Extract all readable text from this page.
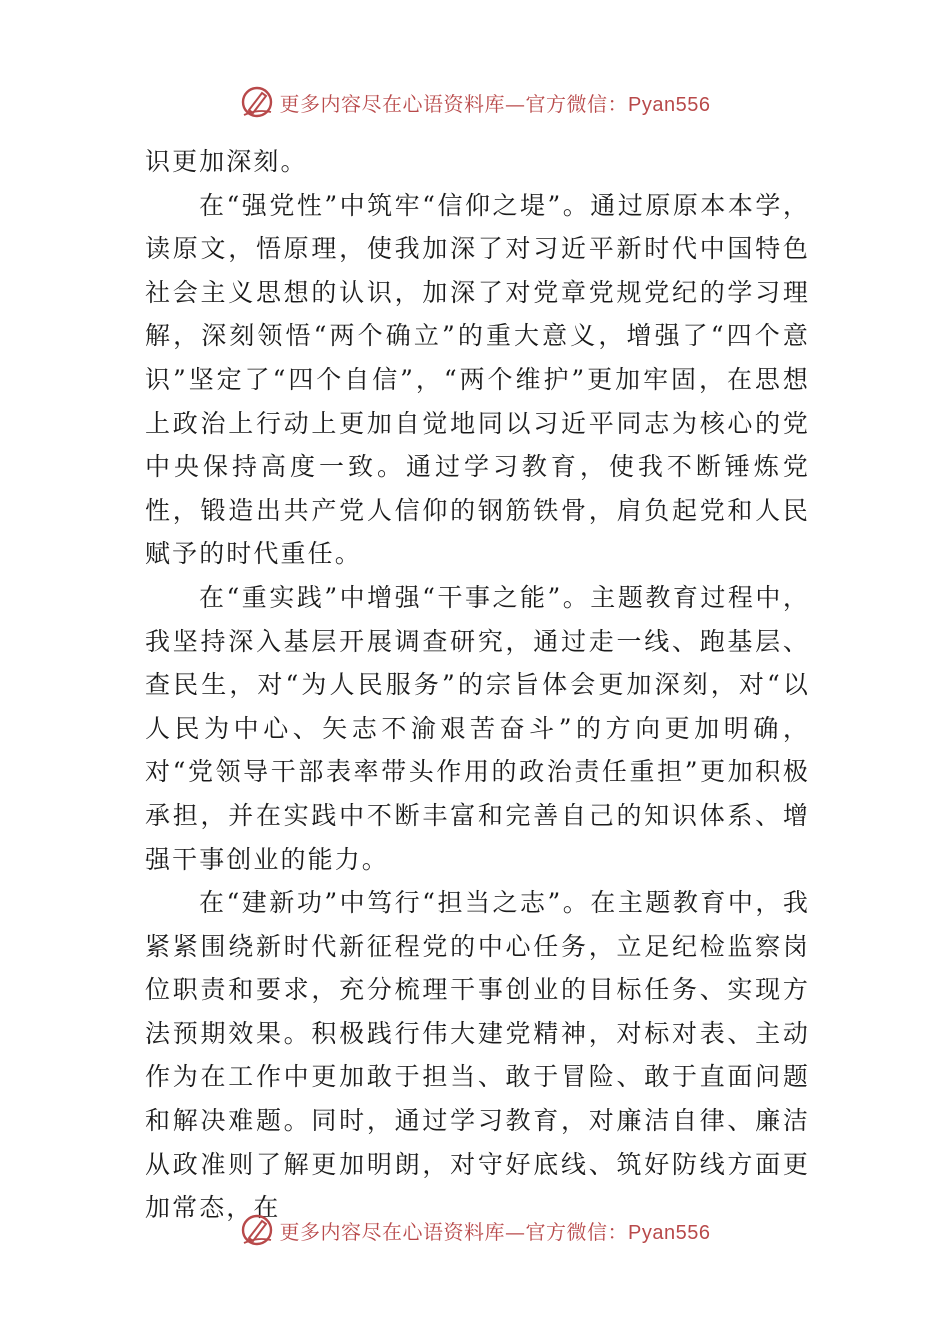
更多内容尽在心语资料库—官方微信：Pyan556

识更加深刻。

在“强党性”中筑牢“信仰之堤”。通过原原本本学，读原文，悟原理，使我加深了对习近平新时代中国特色社会主义思想的认识，加深了对党章党规党纪的学习理解，深刻领悟“两个确立”的重大意义，增强了“四个意识”坚定了“四个自信”，“两个维护”更加牢固，在思想上政治上行动上更加自觉地同以习近平同志为核心的党中央保持高度一致。通过学习教育，使我不断锤炼党性，锻造出共产党人信仰的钢筋铁骨，肩负起党和人民赋予的时代重任。

在“重实践”中增强“干事之能”。主题教育过程中，我坚持深入基层开展调查研究，通过走一线、跑基层、查民生，对“为人民服务”的宗旨体会更加深刻，对“以人民为中心、矢志不渝艰苦奋斗”的方向更加明确，对“党领导干部表率带头作用的政治责任重担”更加积极承担，并在实践中不断丰富和完善自己的知识体系、增强干事创业的能力。

在“建新功”中笃行“担当之志”。在主题教育中，我紧紧围绕新时代新征程党的中心任务，立足纪检监察岗位职责和要求，充分梳理干事创业的目标任务、实现方法预期效果。积极践行伟大建党精神，对标对表、主动作为在工作中更加敢于担当、敢于冒险、敢于直面问题和解决难题。同时，通过学习教育，对廉洁自律、廉洁从政准则了解更加明朗，对守好底线、筑好防线方面更加常态，在

更多内容尽在心语资料库—官方微信：Pyan556
